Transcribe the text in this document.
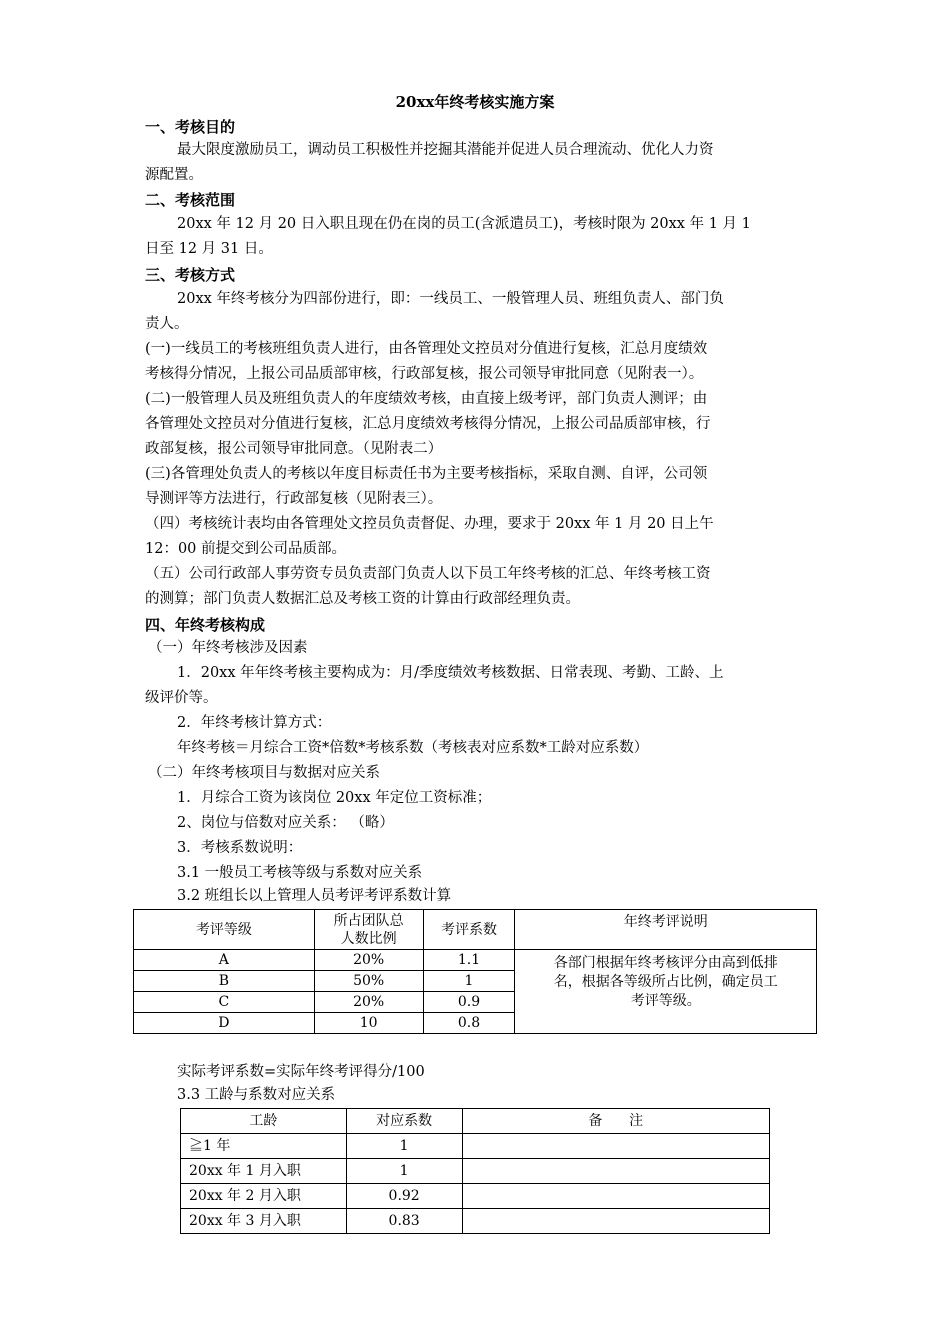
20xx年终考核实施方案
一、考核目的
最大限度激励员工，调动员工积极性并挖掘其潜能并促进人员合理流动、优化人力资
源配置。
二、考核范围
20xx 年 12 月 20 日入职且现在仍在岗的员工(含派遣员工)，考核时限为 20xx 年 1 月 1
日至 12 月 31 日。
三、考核方式
20xx 年终考核分为四部份进行，即：一线员工、一般管理人员、班组负责人、部门负
责人。
(一)一线员工的考核班组负责人进行，由各管理处文控员对分值进行复核，汇总月度绩效
考核得分情况，上报公司品质部审核，行政部复核，报公司领导审批同意（见附表一）。
(二)一般管理人员及班组负责人的年度绩效考核，由直接上级考评，部门负责人测评；由
各管理处文控员对分值进行复核，汇总月度绩效考核得分情况，上报公司品质部审核，行
政部复核，报公司领导审批同意。（见附表二）
(三)各管理处负责人的考核以年度目标责任书为主要考核指标，采取自测、自评，公司领
导测评等方法进行，行政部复核（见附表三）。
（四）考核统计表均由各管理处文控员负责督促、办理，要求于 20xx 年 1 月 20 日上午
12：00 前提交到公司品质部。
（五）公司行政部人事劳资专员负责部门负责人以下员工年终考核的汇总、年终考核工资
的测算；部门负责人数据汇总及考核工资的计算由行政部经理负责。
四、年终考核构成
（一）年终考核涉及因素
1．20xx 年年终考核主要构成为：月/季度绩效考核数据、日常表现、考勤、工龄、上
级评价等。
2．年终考核计算方式：
年终考核＝月综合工资*倍数*考核系数（考核表对应系数*工龄对应系数）
（二）年终考核项目与数据对应关系
1．月综合工资为该岗位 20xx 年定位工资标准；
2、岗位与倍数对应关系： （略）
3．考核系数说明：
3.1 一般员工考核等级与系数对应关系
3.2 班组长以上管理人员考评考评系数计算
考评等级	所占团队总
人数比例	考评系数	年终考评说明
A	20%	1.1	各部门根据年终考核评分由高到低排
名，根据各等级所占比例，确定员工
考评等级。

B	50%	1	
C	20%	0.9	
D	10	0.8	
实际考评系数=实际年终考评得分/100
3.3 工龄与系数对应关系
工龄	对应系数	备      注
≧1 年	1	
20xx 年 1 月入职	1	
20xx 年 2 月入职	0.92	
20xx 年 3 月入职	0.83	
